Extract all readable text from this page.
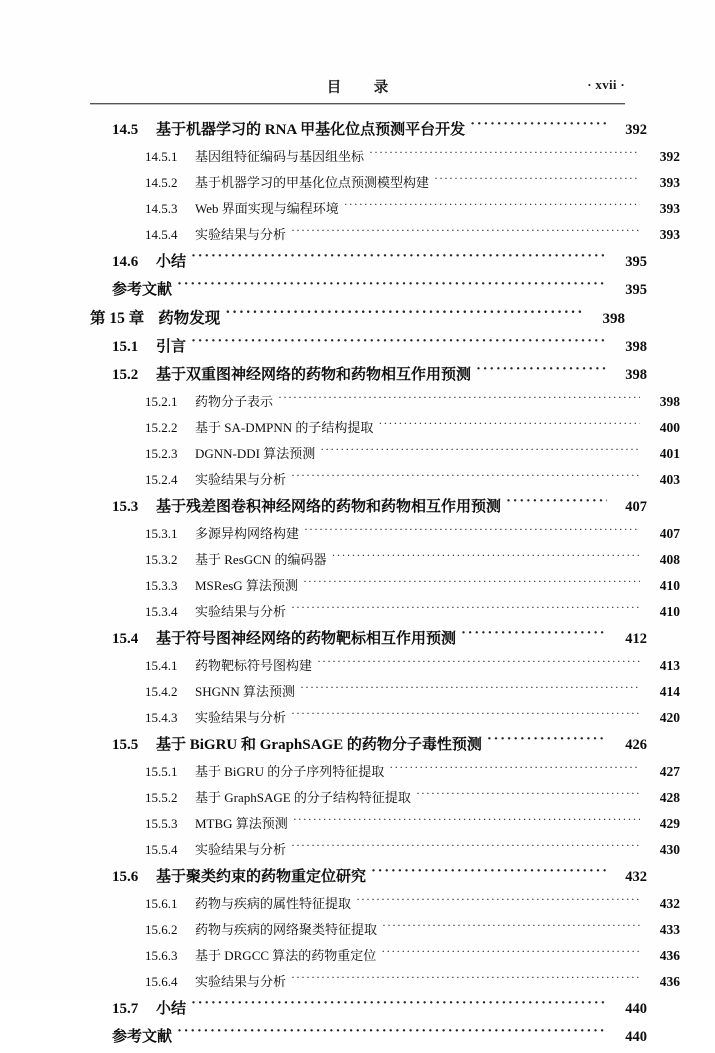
目　录	· xvii ·
14.5	基于机器学习的 RNA 甲基化位点预测平台开发 ·····	392
14.5.1	基因组特征编码与基因组坐标 ·····	392
14.5.2	基于机器学习的甲基化位点预测模型构建 ·····	393
14.5.3	Web 界面实现与编程环境 ·····	393
14.5.4	实验结果与分析 ·····	393
14.6	小结 ·····	395
参考文献 ·····	395
第 15 章 药物发现 ·····	398
15.1	引言 ·····	398
15.2	基于双重图神经网络的药物和药物相互作用预测 ·····	398
15.2.1	药物分子表示 ·····	398
15.2.2	基于 SA-DMPNN 的子结构提取 ·····	400
15.2.3	DGNN-DDI 算法预测 ·····	401
15.2.4	实验结果与分析 ·····	403
15.3	基于残差图卷积神经网络的药物和药物相互作用预测 ·····	407
15.3.1	多源异构网络构建 ·····	407
15.3.2	基于 ResGCN 的编码器 ·····	408
15.3.3	MSResG 算法预测 ·····	410
15.3.4	实验结果与分析 ·····	410
15.4	基于符号图神经网络的药物靶标相互作用预测 ·····	412
15.4.1	药物靶标符号图构建 ·····	413
15.4.2	SHGNN 算法预测 ·····	414
15.4.3	实验结果与分析 ·····	420
15.5	基于 BiGRU 和 GraphSAGE 的药物分子毒性预测 ·····	426
15.5.1	基于 BiGRU 的分子序列特征提取 ·····	427
15.5.2	基于 GraphSAGE 的分子结构特征提取 ·····	428
15.5.3	MTBG 算法预测 ·····	429
15.5.4	实验结果与分析 ·····	430
15.6	基于聚类约束的药物重定位研究 ·····	432
15.6.1	药物与疾病的属性特征提取 ·····	432
15.6.2	药物与疾病的网络聚类特征提取 ·····	433
15.6.3	基于 DRGCC 算法的药物重定位 ·····	436
15.6.4	实验结果与分析 ·····	436
15.7	小结 ·····	440
参考文献 ·····	440
